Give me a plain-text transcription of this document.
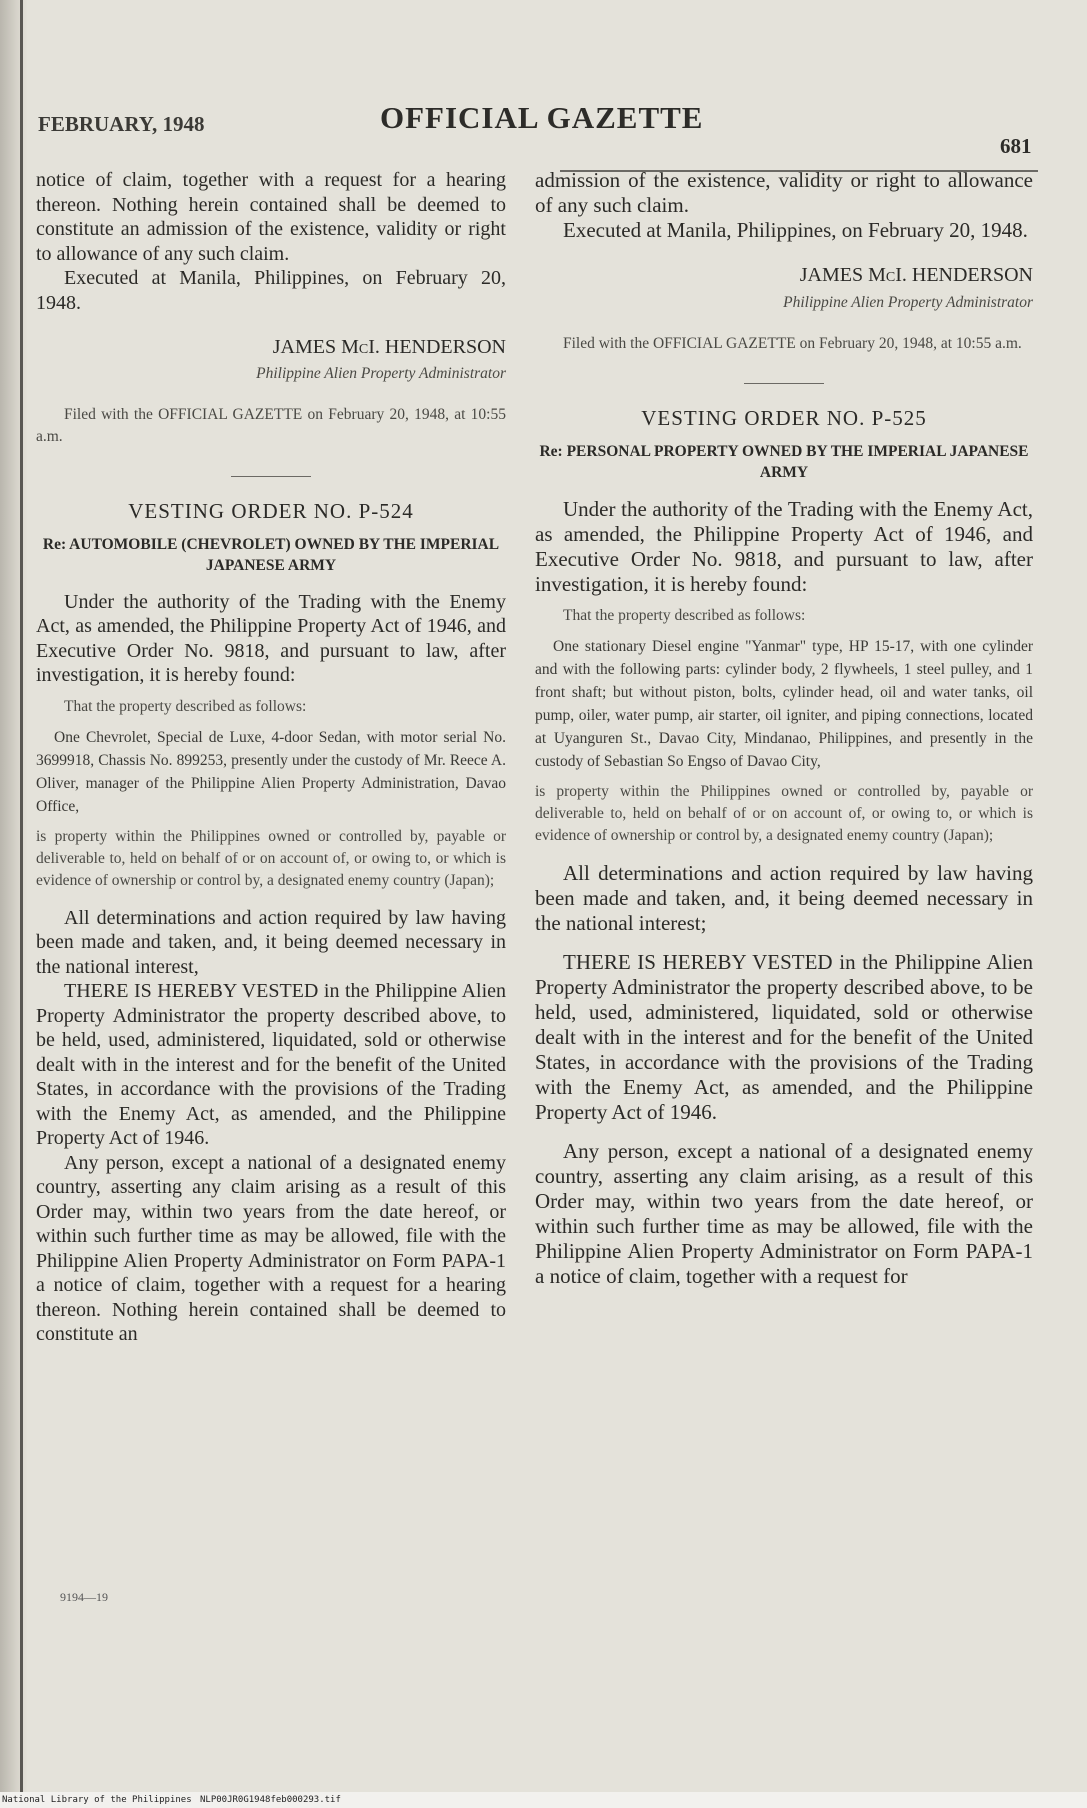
FEBRUARY, 1948	OFFICIAL GAZETTE
681

notice of claim, together with a request for a hearing thereon. Nothing herein contained shall be deemed to constitute an admission of the existence, validity or right to allowance of any such claim.

Executed at Manila, Philippines, on February 20, 1948.

JAMES McI. HENDERSON
Philippine Alien Property Administrator

Filed with the OFFICIAL GAZETTE on February 20, 1948, at 10:55 a.m.

VESTING ORDER NO. P-524
Re: AUTOMOBILE (CHEVROLET) OWNED BY THE IMPERIAL JAPANESE ARMY

Under the authority of the Trading with the Enemy Act, as amended, the Philippine Property Act of 1946, and Executive Order No. 9818, and pursuant to law, after investigation, it is hereby found:

That the property described as follows:

One Chevrolet, Special de Luxe, 4-door Sedan, with motor serial No. 3699918, Chassis No. 899253, presently under the custody of Mr. Reece A. Oliver, manager of the Philippine Alien Property Administration, Davao Office,

is property within the Philippines owned or controlled by, payable or deliverable to, held on behalf of or on account of, or owing to, or which is evidence of ownership or control by, a designated enemy country (Japan);

All determinations and action required by law having been made and taken, and, it being deemed necessary in the national interest,

THERE IS HEREBY VESTED in the Philippine Alien Property Administrator the property described above, to be held, used, administered, liquidated, sold or otherwise dealt with in the interest and for the benefit of the United States, in accordance with the provisions of the Trading with the Enemy Act, as amended, and the Philippine Property Act of 1946.

Any person, except a national of a designated enemy country, asserting any claim arising as a result of this Order may, within two years from the date hereof, or within such further time as may be allowed, file with the Philippine Alien Property Administrator on Form PAPA-1 a notice of claim, together with a request for a hearing thereon. Nothing herein contained shall be deemed to constitute an

9194—19

admission of the existence, validity or right to allowance of any such claim.

Executed at Manila, Philippines, on February 20, 1948.

JAMES McI. HENDERSON
Philippine Alien Property Administrator

Filed with the OFFICIAL GAZETTE on February 20, 1948, at 10:55 a.m.

VESTING ORDER NO. P-525
Re: PERSONAL PROPERTY OWNED BY THE IMPERIAL JAPANESE ARMY

Under the authority of the Trading with the Enemy Act, as amended, the Philippine Property Act of 1946, and Executive Order No. 9818, and pursuant to law, after investigation, it is hereby found:

That the property described as follows:

One stationary Diesel engine "Yanmar" type, HP 15-17, with one cylinder and with the following parts: cylinder body, 2 flywheels, 1 steel pulley, and 1 front shaft; but without piston, bolts, cylinder head, oil and water tanks, oil pump, oiler, water pump, air starter, oil igniter, and piping connections, located at Uyanguren St., Davao City, Mindanao, Philippines, and presently in the custody of Sebastian So Engso of Davao City,

is property within the Philippines owned or controlled by, payable or deliverable to, held on behalf of or on account of, or owing to, or which is evidence of ownership or control by, a designated enemy country (Japan);

All determinations and action required by law having been made and taken, and, it being deemed necessary in the national interest;

THERE IS HEREBY VESTED in the Philippine Alien Property Administrator the property described above, to be held, used, administered, liquidated, sold or otherwise dealt with in the interest and for the benefit of the United States, in accordance with the provisions of the Trading with the Enemy Act, as amended, and the Philippine Property Act of 1946.

Any person, except a national of a designated enemy country, asserting any claim arising, as a result of this Order may, within two years from the date hereof, or within such further time as may be allowed, file with the Philippine Alien Property Administrator on Form PAPA-1 a notice of claim, together with a request for

National Library of the Philippines NLP00JR0G1948feb000293.tif
